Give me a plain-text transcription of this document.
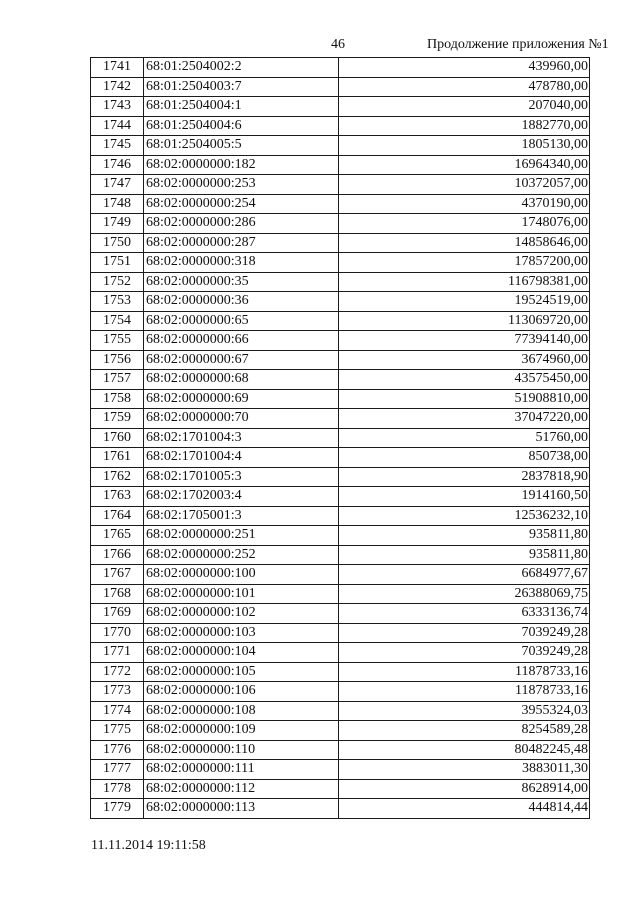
46	Продолжение приложения №1
1741	68:01:2504002:2	439960,00
1742	68:01:2504003:7	478780,00
1743	68:01:2504004:1	207040,00
1744	68:01:2504004:6	1882770,00
1745	68:01:2504005:5	1805130,00
1746	68:02:0000000:182	16964340,00
1747	68:02:0000000:253	10372057,00
1748	68:02:0000000:254	4370190,00
1749	68:02:0000000:286	1748076,00
1750	68:02:0000000:287	14858646,00
1751	68:02:0000000:318	17857200,00
1752	68:02:0000000:35	116798381,00
1753	68:02:0000000:36	19524519,00
1754	68:02:0000000:65	113069720,00
1755	68:02:0000000:66	77394140,00
1756	68:02:0000000:67	3674960,00
1757	68:02:0000000:68	43575450,00
1758	68:02:0000000:69	51908810,00
1759	68:02:0000000:70	37047220,00
1760	68:02:1701004:3	51760,00
1761	68:02:1701004:4	850738,00
1762	68:02:1701005:3	2837818,90
1763	68:02:1702003:4	1914160,50
1764	68:02:1705001:3	12536232,10
1765	68:02:0000000:251	935811,80
1766	68:02:0000000:252	935811,80
1767	68:02:0000000:100	6684977,67
1768	68:02:0000000:101	26388069,75
1769	68:02:0000000:102	6333136,74
1770	68:02:0000000:103	7039249,28
1771	68:02:0000000:104	7039249,28
1772	68:02:0000000:105	11878733,16
1773	68:02:0000000:106	11878733,16
1774	68:02:0000000:108	3955324,03
1775	68:02:0000000:109	8254589,28
1776	68:02:0000000:110	80482245,48
1777	68:02:0000000:111	3883011,30
1778	68:02:0000000:112	8628914,00
1779	68:02:0000000:113	444814,44
11.11.2014 19:11:58
